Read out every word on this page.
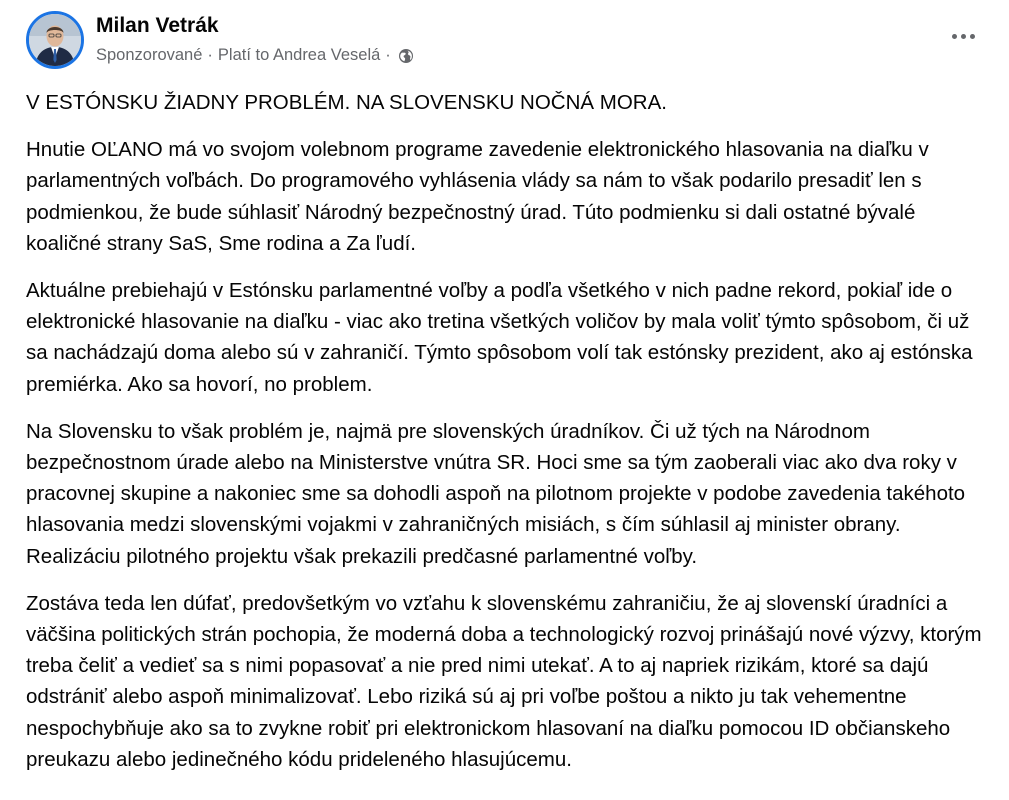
Milan Vetrák
Sponzorované · Platí to Andrea Veselá ·

V ESTÓNSKU ŽIADNY PROBLÉM. NA SLOVENSKU NOČNÁ MORA.

Hnutie OĽANO má vo svojom volebnom programe zavedenie elektronického hlasovania na diaľku v parlamentných voľbách. Do programového vyhlásenia vlády sa nám to však podarilo presadiť len s podmienkou, že bude súhlasiť Národný bezpečnostný úrad. Túto podmienku si dali ostatné bývalé koaličné strany SaS, Sme rodina a Za ľudí.

Aktuálne prebiehajú v Estónsku parlamentné voľby a podľa všetkého v nich padne rekord, pokiaľ ide o elektronické hlasovanie na diaľku - viac ako tretina všetkých voličov by mala voliť týmto spôsobom, či už sa nachádzajú doma alebo sú v zahraničí. Týmto spôsobom volí tak estónsky prezident, ako aj estónska premiérka. Ako sa hovorí, no problem.

Na Slovensku to však problém je, najmä pre slovenských úradníkov. Či už tých na Národnom bezpečnostnom úrade alebo na Ministerstve vnútra SR. Hoci sme sa tým zaoberali viac ako dva roky v pracovnej skupine a nakoniec sme sa dohodli aspoň na pilotnom projekte v podobe zavedenia takéhoto hlasovania medzi slovenskými vojakmi v zahraničných misiách, s čím súhlasil aj minister obrany. Realizáciu pilotného projektu však prekazili predčasné parlamentné voľby.

Zostáva teda len dúfať, predovšetkým vo vzťahu k slovenskému zahraničiu, že aj slovenskí úradníci a väčšina politických strán pochopia, že moderná doba a technologický rozvoj prinášajú nové výzvy, ktorým treba čeliť a vedieť sa s nimi popasovať a nie pred nimi utekať. A to aj napriek rizikám, ktoré sa dajú odstrániť alebo aspoň minimalizovať. Lebo riziká sú aj pri voľbe poštou a nikto ju tak vehementne nespochybňuje ako sa to zvykne robiť pri elektronickom hlasovaní na diaľku pomocou ID občianskeho preukazu alebo jedinečného kódu prideleného hlasujúcemu.
